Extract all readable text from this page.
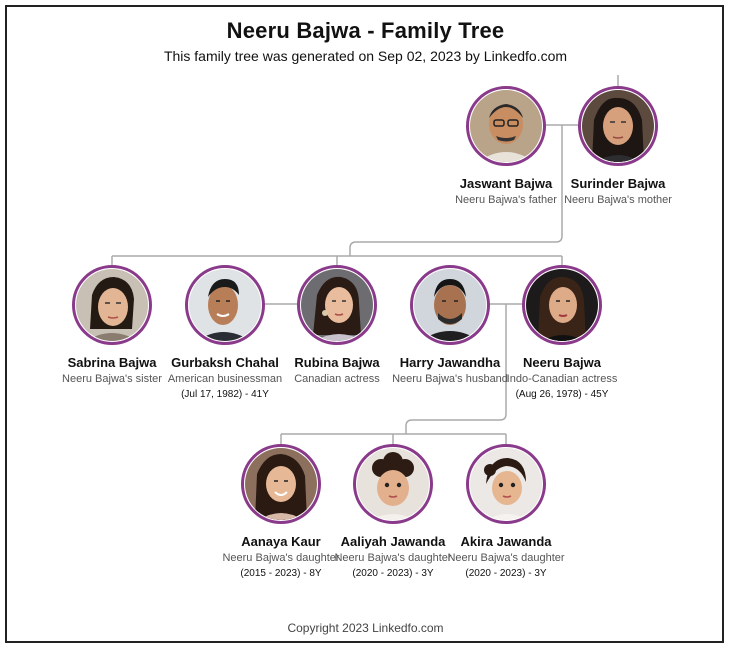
Neeru Bajwa - Family Tree
This family tree was generated on Sep 02, 2023 by Linkedfo.com
Jaswant Bajwa
Neeru Bajwa's father
Surinder Bajwa
Neeru Bajwa's mother
Sabrina Bajwa
Neeru Bajwa's sister
Gurbaksh Chahal
American businessman
(Jul 17, 1982) - 41Y
Rubina Bajwa
Canadian actress
Harry Jawandha
Neeru Bajwa's husband
Neeru Bajwa
Indo-Canadian actress
(Aug 26, 1978) - 45Y
Aanaya Kaur
Neeru Bajwa's daughter
(2015 - 2023) - 8Y
Aaliyah Jawanda
Neeru Bajwa's daughter
(2020 - 2023) - 3Y
Akira Jawanda
Neeru Bajwa's daughter
(2020 - 2023) - 3Y
Copyright 2023 Linkedfo.com
